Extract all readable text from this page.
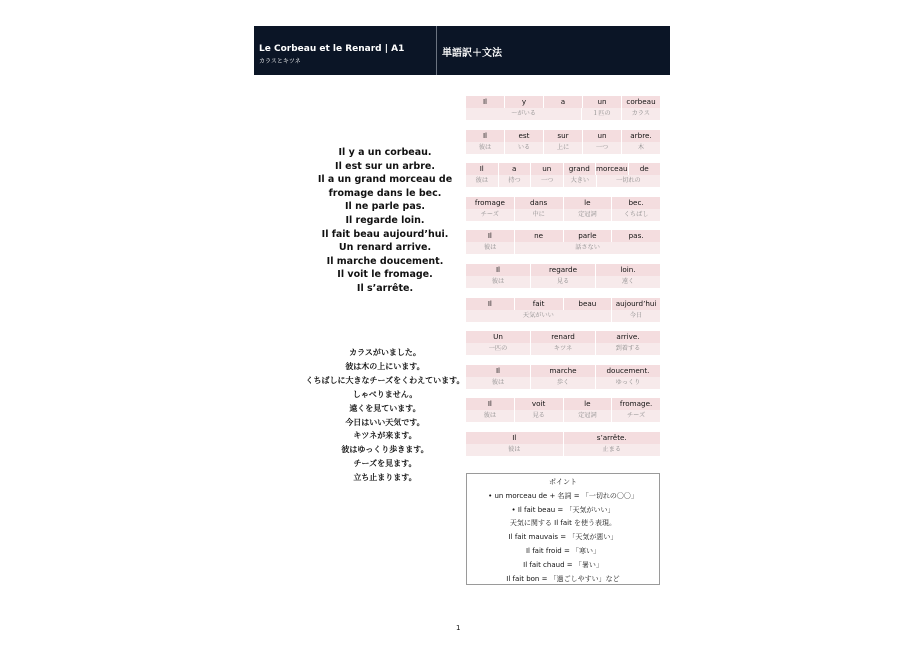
Le Corbeau et le Renard | A1
カラスとキツネ
単語訳＋文法
Il y a un corbeau.
Il est sur un arbre.
Il a un grand morceau de
fromage dans le bec.
Il ne parle pas.
Il regarde loin.
Il fait beau aujourd’hui.
Un renard arrive.
Il marche doucement.
Il voit le fromage.
Il s’arrête.
カラスがいました。
彼は木の上にいます。
くちばしに大きなチーズをくわえています。
しゃべりません。
遠くを見ています。
今日はいい天気です。
キツネが来ます。
彼はゆっくり歩きます。
チーズを見ます。
立ち止まります。
Il	y	a	un	corbeau
〜がいる	１匹の	カラス
Il	est	sur	un	arbre.
彼は	いる	上に	一つ	木
Il	a	un	grand morceau	de
彼は	持つ	一つ	大きい	一切れの
fromage	dans	le	bec.
チーズ	中に	定冠詞	くちばし
Il	ne	parle	pas.
彼は	話さない
Il	regarde	loin.
彼は	見る	遠く
Il	fait	beau	aujourd’hui
天気がいい	今日
Un	renard	arrive.
一匹の	キツネ	到着する
Il	marche	doucement.
彼は	歩く	ゆっくり
Il	voit	le	fromage.
彼は	見る	定冠詞	チーズ
Il	s’arrête.
彼は	止まる
ポイント
• un morceau de + 名詞 = 「一切れの〇〇」
• Il fait beau = 「天気がいい」
天気に関する Il fait を使う表現。
Il fait mauvais = 「天気が悪い」
Il fait froid = 「寒い」
Il fait chaud = 「暑い」
Il fait bon = 「過ごしやすい」など
1
